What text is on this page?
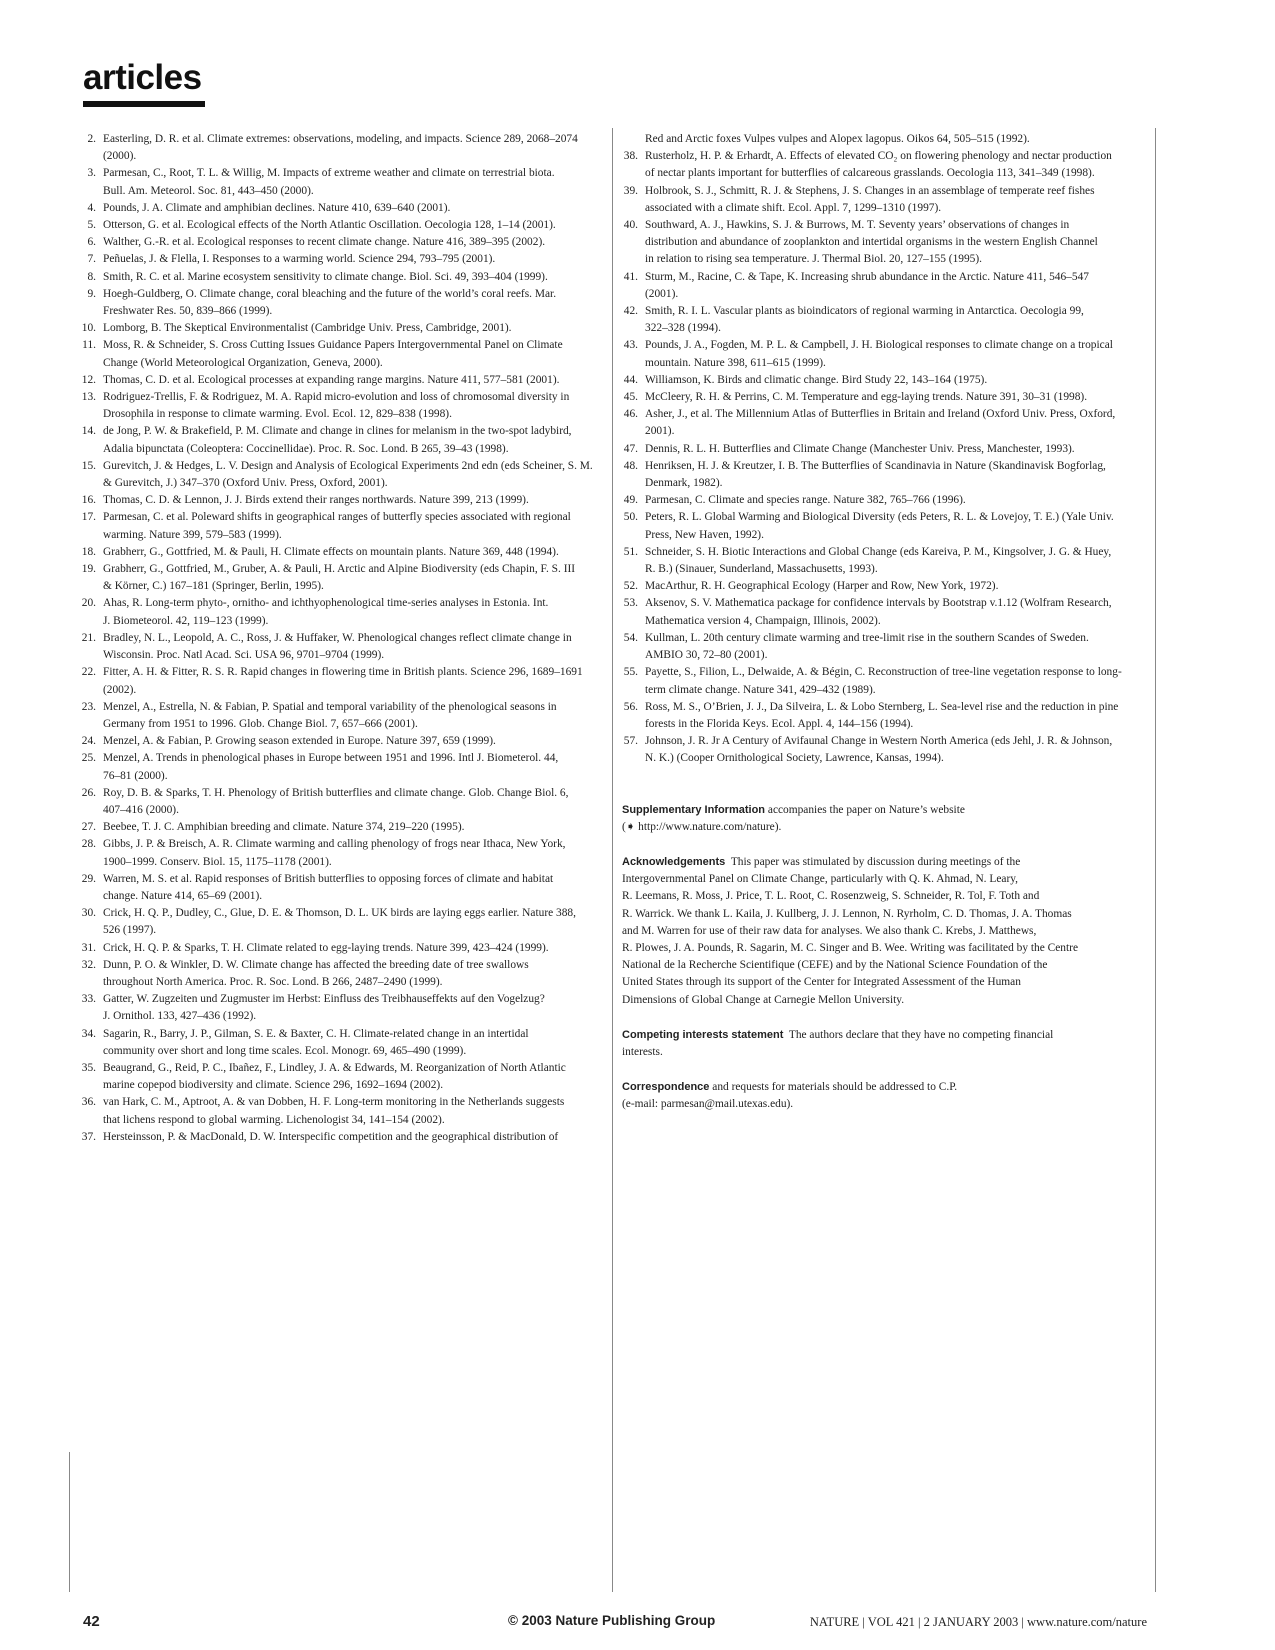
articles
2. Easterling, D. R. et al. Climate extremes: observations, modeling, and impacts. Science 289, 2068–2074
(2000).
3. Parmesan, C., Root, T. L. & Willig, M. Impacts of extreme weather and climate on terrestrial biota.
Bull. Am. Meteorol. Soc. 81, 443–450 (2000).
4. Pounds, J. A. Climate and amphibian declines. Nature 410, 639–640 (2001).
5. Otterson, G. et al. Ecological effects of the North Atlantic Oscillation. Oecologia 128, 1–14 (2001).
6. Walther, G.-R. et al. Ecological responses to recent climate change. Nature 416, 389–395 (2002).
7. Peñuelas, J. & Flella, I. Responses to a warming world. Science 294, 793–795 (2001).
8. Smith, R. C. et al. Marine ecosystem sensitivity to climate change. Biol. Sci. 49, 393–404 (1999).
9. Hoegh-Guldberg, O. Climate change, coral bleaching and the future of the world’s coral reefs. Mar.
Freshwater Res. 50, 839–866 (1999).
10. Lomborg, B. The Skeptical Environmentalist (Cambridge Univ. Press, Cambridge, 2001).
11. Moss, R. & Schneider, S. Cross Cutting Issues Guidance Papers Intergovernmental Panel on Climate
Change (World Meteorological Organization, Geneva, 2000).
12. Thomas, C. D. et al. Ecological processes at expanding range margins. Nature 411, 577–581 (2001).
13. Rodriguez-Trellis, F. & Rodriguez, M. A. Rapid micro-evolution and loss of chromosomal diversity in
Drosophila in response to climate warming. Evol. Ecol. 12, 829–838 (1998).
14. de Jong, P. W. & Brakefield, P. M. Climate and change in clines for melanism in the two-spot ladybird,
Adalia bipunctata (Coleoptera: Coccinellidae). Proc. R. Soc. Lond. B 265, 39–43 (1998).
15. Gurevitch, J. & Hedges, L. V. Design and Analysis of Ecological Experiments 2nd edn (eds Scheiner, S. M.
& Gurevitch, J.) 347–370 (Oxford Univ. Press, Oxford, 2001).
16. Thomas, C. D. & Lennon, J. J. Birds extend their ranges northwards. Nature 399, 213 (1999).
17. Parmesan, C. et al. Poleward shifts in geographical ranges of butterfly species associated with regional
warming. Nature 399, 579–583 (1999).
18. Grabherr, G., Gottfried, M. & Pauli, H. Climate effects on mountain plants. Nature 369, 448 (1994).
19. Grabherr, G., Gottfried, M., Gruber, A. & Pauli, H. Arctic and Alpine Biodiversity (eds Chapin, F. S. III
& Körner, C.) 167–181 (Springer, Berlin, 1995).
20. Ahas, R. Long-term phyto-, ornitho- and ichthyophenological time-series analyses in Estonia. Int.
J. Biometeorol. 42, 119–123 (1999).
21. Bradley, N. L., Leopold, A. C., Ross, J. & Huffaker, W. Phenological changes reflect climate change in
Wisconsin. Proc. Natl Acad. Sci. USA 96, 9701–9704 (1999).
22. Fitter, A. H. & Fitter, R. S. R. Rapid changes in flowering time in British plants. Science 296, 1689–1691
(2002).
23. Menzel, A., Estrella, N. & Fabian, P. Spatial and temporal variability of the phenological seasons in
Germany from 1951 to 1996. Glob. Change Biol. 7, 657–666 (2001).
24. Menzel, A. & Fabian, P. Growing season extended in Europe. Nature 397, 659 (1999).
25. Menzel, A. Trends in phenological phases in Europe between 1951 and 1996. Intl J. Biometerol. 44,
76–81 (2000).
26. Roy, D. B. & Sparks, T. H. Phenology of British butterflies and climate change. Glob. Change Biol. 6,
407–416 (2000).
27. Beebee, T. J. C. Amphibian breeding and climate. Nature 374, 219–220 (1995).
28. Gibbs, J. P. & Breisch, A. R. Climate warming and calling phenology of frogs near Ithaca, New York,
1900–1999. Conserv. Biol. 15, 1175–1178 (2001).
29. Warren, M. S. et al. Rapid responses of British butterflies to opposing forces of climate and habitat
change. Nature 414, 65–69 (2001).
30. Crick, H. Q. P., Dudley, C., Glue, D. E. & Thomson, D. L. UK birds are laying eggs earlier. Nature 388,
526 (1997).
31. Crick, H. Q. P. & Sparks, T. H. Climate related to egg-laying trends. Nature 399, 423–424 (1999).
32. Dunn, P. O. & Winkler, D. W. Climate change has affected the breeding date of tree swallows
throughout North America. Proc. R. Soc. Lond. B 266, 2487–2490 (1999).
33. Gatter, W. Zugzeiten und Zugmuster im Herbst: Einfluss des Treibhauseffekts auf den Vogelzug?
J. Ornithol. 133, 427–436 (1992).
34. Sagarin, R., Barry, J. P., Gilman, S. E. & Baxter, C. H. Climate-related change in an intertidal
community over short and long time scales. Ecol. Monogr. 69, 465–490 (1999).
35. Beaugrand, G., Reid, P. C., Ibañez, F., Lindley, J. A. & Edwards, M. Reorganization of North Atlantic
marine copepod biodiversity and climate. Science 296, 1692–1694 (2002).
36. van Hark, C. M., Aptroot, A. & van Dobben, H. F. Long-term monitoring in the Netherlands suggests
that lichens respond to global warming. Lichenologist 34, 141–154 (2002).
37. Hersteinsson, P. & MacDonald, D. W. Interspecific competition and the geographical distribution of
Red and Arctic foxes Vulpes vulpes and Alopex lagopus. Oikos 64, 505–515 (1992).
38. Rusterholz, H. P. & Erhardt, A. Effects of elevated CO₂ on flowering phenology and nectar production
of nectar plants important for butterflies of calcareous grasslands. Oecologia 113, 341–349 (1998).
39. Holbrook, S. J., Schmitt, R. J. & Stephens, J. S. Changes in an assemblage of temperate reef fishes
associated with a climate shift. Ecol. Appl. 7, 1299–1310 (1997).
40. Southward, A. J., Hawkins, S. J. & Burrows, M. T. Seventy years’ observations of changes in
distribution and abundance of zooplankton and intertidal organisms in the western English Channel
in relation to rising sea temperature. J. Thermal Biol. 20, 127–155 (1995).
41. Sturm, M., Racine, C. & Tape, K. Increasing shrub abundance in the Arctic. Nature 411, 546–547
(2001).
42. Smith, R. I. L. Vascular plants as bioindicators of regional warming in Antarctica. Oecologia 99,
322–328 (1994).
43. Pounds, J. A., Fogden, M. P. L. & Campbell, J. H. Biological responses to climate change on a tropical
mountain. Nature 398, 611–615 (1999).
44. Williamson, K. Birds and climatic change. Bird Study 22, 143–164 (1975).
45. McCleery, R. H. & Perrins, C. M. Temperature and egg-laying trends. Nature 391, 30–31 (1998).
46. Asher, J., et al. The Millennium Atlas of Butterflies in Britain and Ireland (Oxford Univ. Press, Oxford,
2001).
47. Dennis, R. L. H. Butterflies and Climate Change (Manchester Univ. Press, Manchester, 1993).
48. Henriksen, H. J. & Kreutzer, I. B. The Butterflies of Scandinavia in Nature (Skandinavisk Bogforlag,
Denmark, 1982).
49. Parmesan, C. Climate and species range. Nature 382, 765–766 (1996).
50. Peters, R. L. Global Warming and Biological Diversity (eds Peters, R. L. & Lovejoy, T. E.) (Yale Univ.
Press, New Haven, 1992).
51. Schneider, S. H. Biotic Interactions and Global Change (eds Kareiva, P. M., Kingsolver, J. G. & Huey,
R. B.) (Sinauer, Sunderland, Massachusetts, 1993).
52. MacArthur, R. H. Geographical Ecology (Harper and Row, New York, 1972).
53. Aksenov, S. V. Mathematica package for confidence intervals by Bootstrap v.1.12 (Wolfram Research,
Mathematica version 4, Champaign, Illinois, 2002).
54. Kullman, L. 20th century climate warming and tree-limit rise in the southern Scandes of Sweden.
AMBIO 30, 72–80 (2001).
55. Payette, S., Filion, L., Delwaide, A. & Bégin, C. Reconstruction of tree-line vegetation response to long-
term climate change. Nature 341, 429–432 (1989).
56. Ross, M. S., O’Brien, J. J., Da Silveira, L. & Lobo Sternberg, L. Sea-level rise and the reduction in pine
forests in the Florida Keys. Ecol. Appl. 4, 144–156 (1994).
57. Johnson, J. R. Jr A Century of Avifaunal Change in Western North America (eds Jehl, J. R. & Johnson,
N. K.) (Cooper Ornithological Society, Lawrence, Kansas, 1994).
Supplementary Information accompanies the paper on Nature’s website
(➧ http://www.nature.com/nature).
Acknowledgements This paper was stimulated by discussion during meetings of the
Intergovernmental Panel on Climate Change, particularly with Q. K. Ahmad, N. Leary,
R. Leemans, R. Moss, J. Price, T. L. Root, C. Rosenzweig, S. Schneider, R. Tol, F. Toth and
R. Warrick. We thank L. Kaila, J. Kullberg, J. J. Lennon, N. Ryrholm, C. D. Thomas, J. A. Thomas
and M. Warren for use of their raw data for analyses. We also thank C. Krebs, J. Matthews,
R. Plowes, J. A. Pounds, R. Sagarin, M. C. Singer and B. Wee. Writing was facilitated by the Centre
National de la Recherche Scientifique (CEFE) and by the National Science Foundation of the
United States through its support of the Center for Integrated Assessment of the Human
Dimensions of Global Change at Carnegie Mellon University.
Competing interests statement The authors declare that they have no competing financial
interests.
Correspondence and requests for materials should be addressed to C.P.
(e-mail: parmesan@mail.utexas.edu).
42	© 2003 Nature Publishing Group	NATURE | VOL 421 | 2 JANUARY 2003 | www.nature.com/nature
